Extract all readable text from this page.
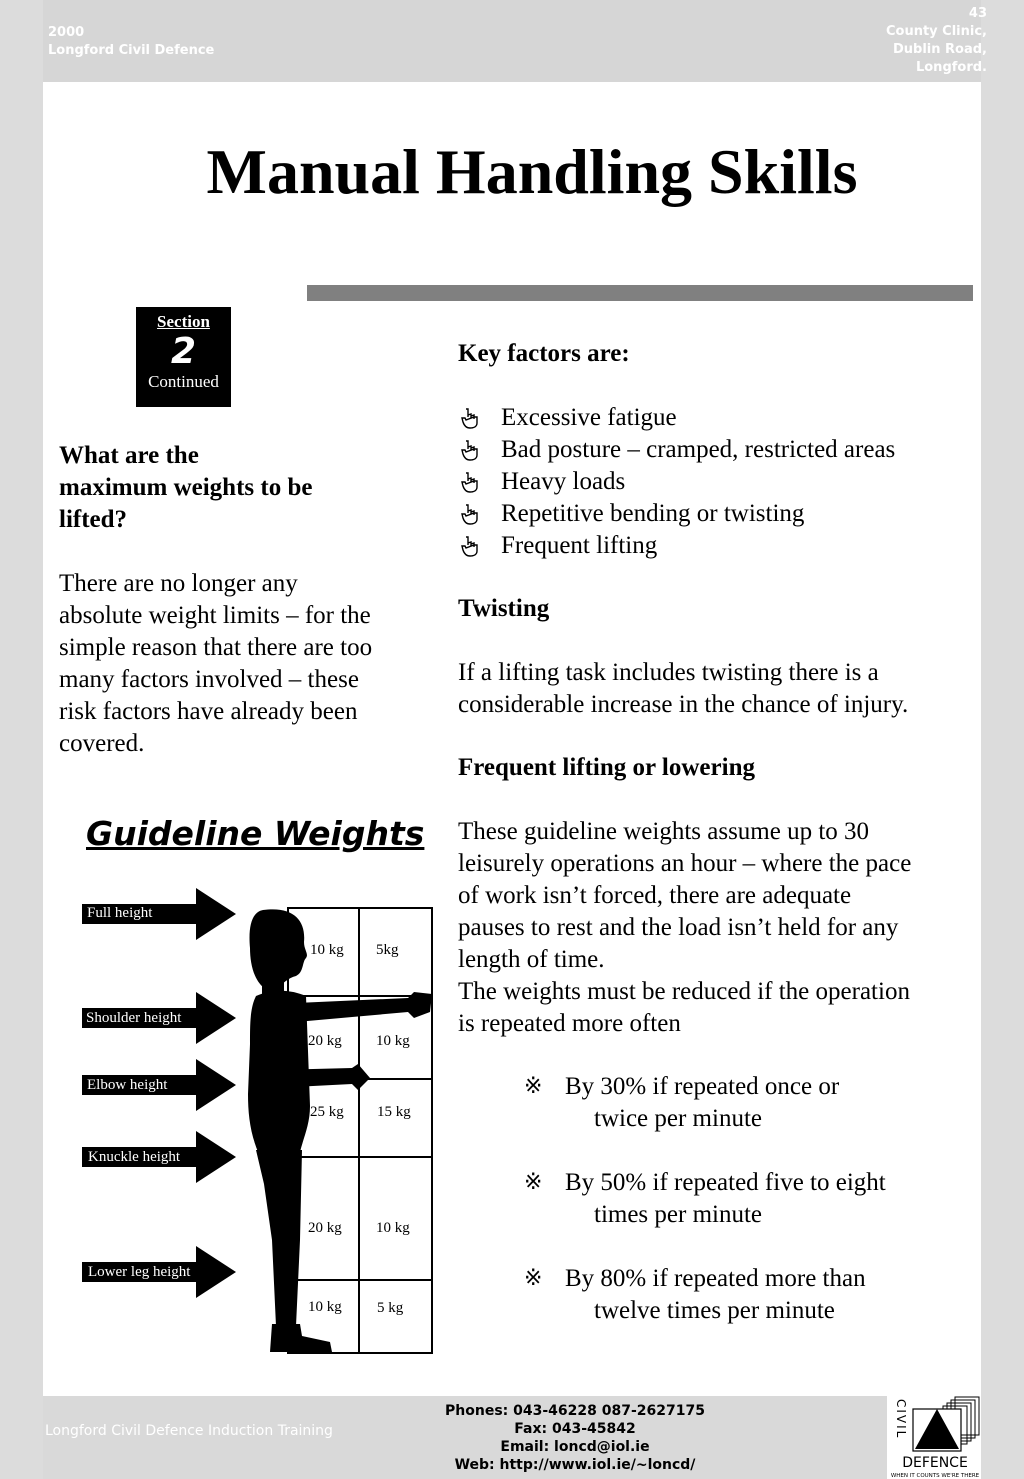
2000
Longford Civil Defence
43
County Clinic,
Dublin Road,
Longford.
Manual Handling Skills
Section
2
Continued
What are the
maximum weights to be
lifted?
There are no longer any
absolute weight limits – for the
simple reason that there are too
many factors involved – these
risk factors have already been
covered.
Guideline Weights
Full height
Shoulder height
Elbow height
Knuckle height
Lower leg height
10 kg 5kg
20 kg 10 kg
25 kg 15 kg
20 kg 10 kg
10 kg 5 kg
Key factors are:
Excessive fatigue
Bad posture – cramped, restricted areas
Heavy loads
Repetitive bending or twisting
Frequent lifting
Twisting
If a lifting task includes twisting there is a
considerable increase in the chance of injury.
Frequent lifting or lowering
These guideline weights assume up to 30
leisurely operations an hour – where the pace
of work isn’t forced, there are adequate
pauses to rest and the load isn’t held for any
length of time.
The weights must be reduced if the operation
is repeated more often
※ By 30% if repeated once or
twice per minute
※ By 50% if repeated five to eight
times per minute
※ By 80% if repeated more than
twelve times per minute
Longford Civil Defence Induction Training
Phones: 043-46228 087-2627175
Fax: 043-45842
Email: loncd@iol.ie
Web: http://www.iol.ie/~loncd/
CIVIL
DEFENCE
WHEN IT COUNTS WE'RE THERE
